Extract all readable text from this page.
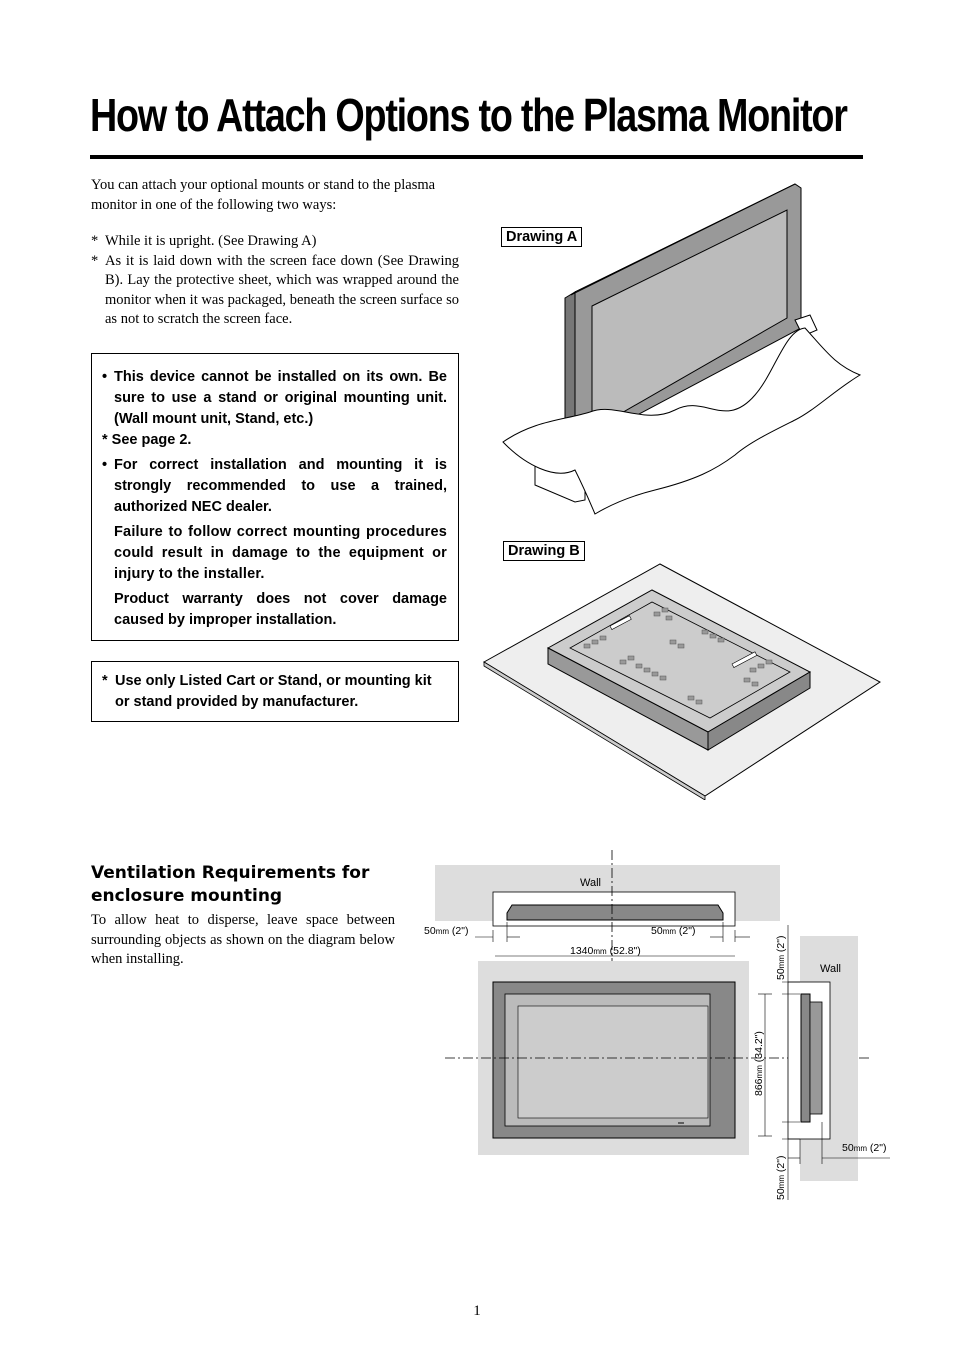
How to Attach Options to the Plasma Monitor
You can attach your optional mounts or stand to the plasma monitor in one of the following two ways:
* While it is upright. (See Drawing A)
* As it is laid down with the screen face down (See Drawing B). Lay the protective sheet, which was wrapped around the monitor when it was packaged, beneath the screen surface so as not to scratch the screen face.

• This device cannot be installed on its own. Be sure to use a stand or original mounting unit. (Wall mount unit, Stand, etc.)

* See page 2.

• For correct installation and mounting it is strongly recommended to use a trained, authorized NEC dealer.

Failure to follow correct mounting procedures could result in damage to the equipment or injury to the installer.

Product warranty does not cover damage caused by improper installation.

* Use only Listed Cart or Stand, or mounting kit or stand provided by manufacturer.

Drawing A
Drawing B
Ventilation Requirements for enclosure mounting
To allow heat to disperse, leave space between surrounding objects as shown on the diagram below when installing.
Wall
50mm (2")	50mm (2")
1340mm (52.8")
Wall
50mm (2")
866mm (34.2")
50mm (2")
50mm (2")
1
